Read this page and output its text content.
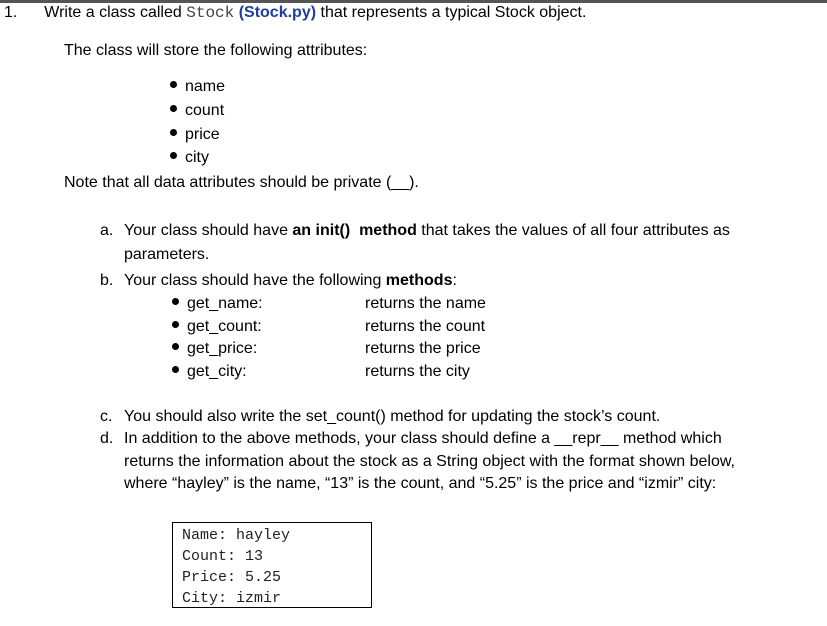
1. Write a class called Stock (Stock.py) that represents a typical Stock object.
The class will store the following attributes:
name
count
price
city
Note that all data attributes should be private (__).
a. Your class should have an init() method that takes the values of all four attributes as
parameters.
b. Your class should have the following methods:
get_name:	returns the name
get_count:	returns the count
get_price:	returns the price
get_city:	returns the city
c. You should also write the set_count() method for updating the stock’s count.
d. In addition to the above methods, your class should define a __repr__ method which
returns the information about the stock as a String object with the format shown below,
where “hayley” is the name, “13” is the count, and “5.25” is the price and “izmir” city:
Name: hayley
Count: 13
Price: 5.25
City: izmir
